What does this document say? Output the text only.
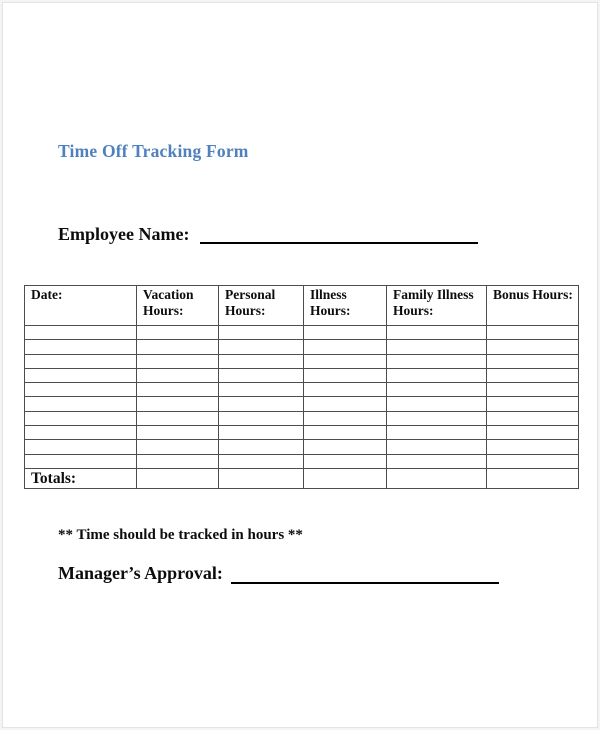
Time Off Tracking Form
Employee Name:
Date:	Vacation Hours:	Personal Hours:	Illness Hours:	Family Illness Hours:	Bonus Hours:

Totals:					
** Time should be tracked in hours **
Manager’s Approval:
